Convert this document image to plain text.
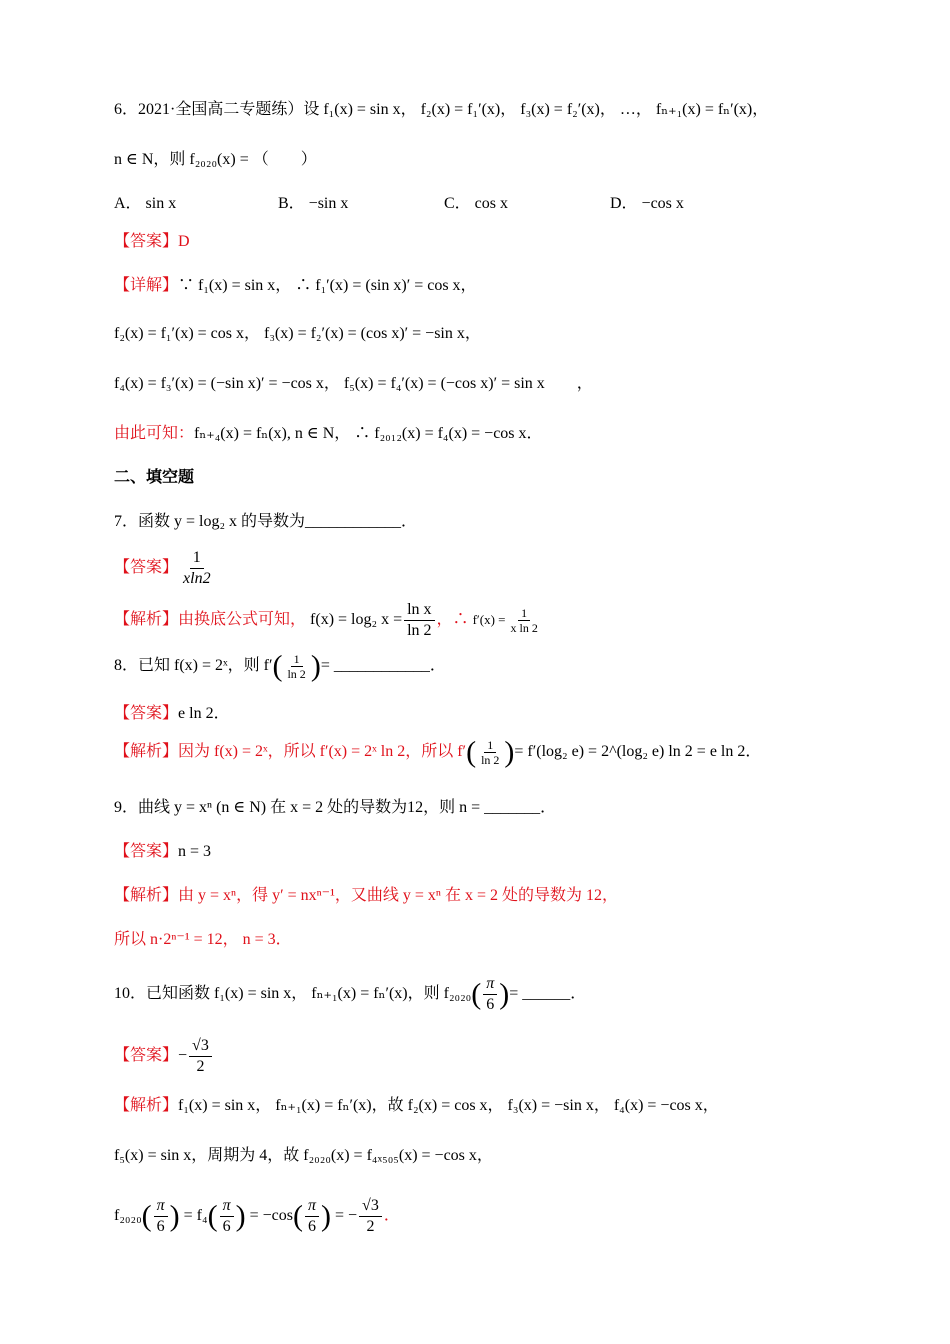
6．2021·全国高二专题练）设 f₁(x) = sin x， f₂(x) = f₁′(x)， f₃(x) = f₂′(x)， …， fₙ₊₁(x) = fₙ′(x)，
n ∈ N，则 f₂₀₂₀(x) = （　　）
A． sin x	B． −sin x	C． cos x	D． −cos x
【答案】D
【详解】∵ f₁(x) = sin x， ∴ f₁′(x) = (sin x)′ = cos x，
f₂(x) = f₁′(x) = cos x， f₃(x) = f₂′(x) = (cos x)′ = −sin x，
f₄(x) = f₃′(x) = (−sin x)′ = −cos x， f₅(x) = f₄′(x) = (−cos x)′ = sin x　　，
由此可知：fₙ₊₄(x) = fₙ(x), n ∈ N， ∴ f₂₀₁₂(x) = f₄(x) = −cos x．
二、填空题
7．函数 y = log₂ x 的导数为____________．
【答案】 $\frac{1}{xln2}$
【解析】由换底公式可知， f(x) = log₂ $x = \frac{\text{ln x}}{\ln 2}$ ，∴ $f'(x) = \frac{1}{\text{x ln 2}}$
8．已知 f(x) = 2ˣ，则 $f'( \frac{1}{\ln 2}$ )= ____________．
【答案】e ln 2．
【解析】因为 f(x) = 2ˣ，所以 f′(x) = 2ˣ ln 2，所以 $f'( \frac{1}{\ln 2}$ )= f′(log₂ e) = 2^(log₂ e) ln 2 = e ln 2．
9．曲线 y = xⁿ (n ∈ N) 在 x = 2 处的导数为12，则 n = _______．
【答案】n = 3
【解析】由 y = xⁿ，得 y′ = nxⁿ⁻¹，又曲线 y = xⁿ 在 x = 2 处的导数为 12，
所以 n·2ⁿ⁻¹ = 12， n = 3．
10．已知函数 f₁(x) = sin x， fₙ₊₁(x) = fₙ′(x)，则 $f_{2020}( \frac{\pi}{6}$ )= ______．
【答案】− $\frac{√3}{2}$
【解析】f₁(x) = sin x， fₙ₊₁(x) = fₙ′(x)，故 f₂(x) = cos x， f₃(x) = −sin x， f₄(x) = −cos x，
f₅(x) = sin x，周期为 4，故 f₂₀₂₀(x) = f₄ₓ₅₀₅(x) = −cos x，
$f_{2020}( \frac{\pi}{6}$ ) = $f_4( \frac{\pi}{6}$ ) = $-\cos( \frac{\pi}{6}$ ) = − $\frac{√3}{2}$ ．
